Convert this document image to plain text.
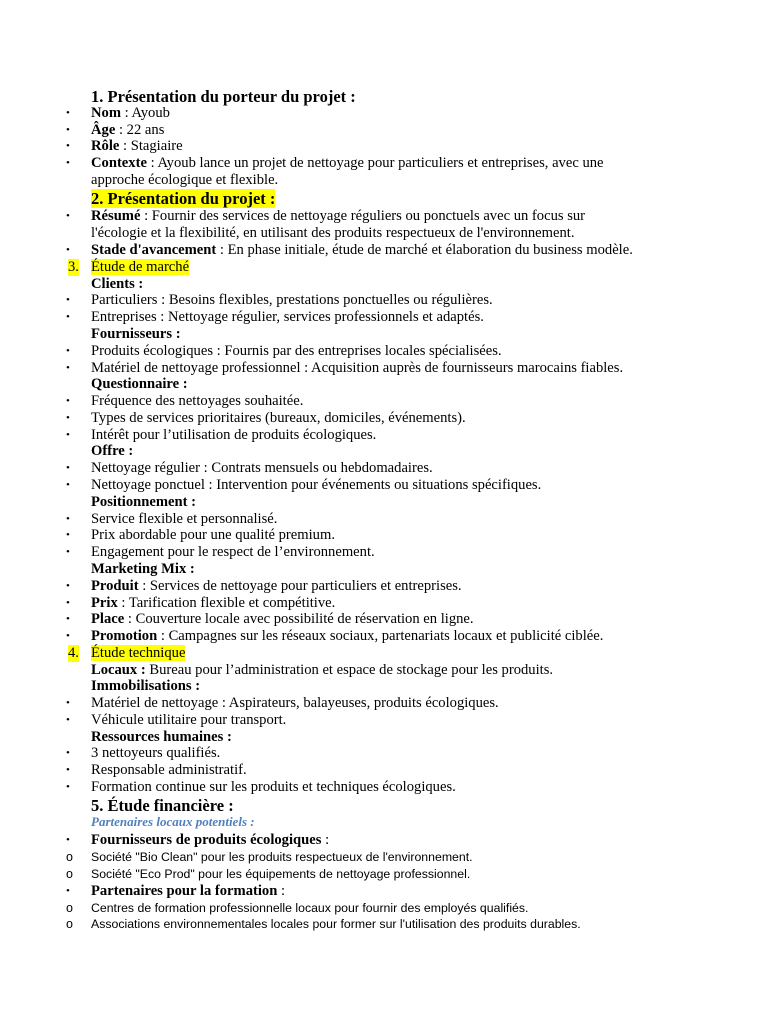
1. Présentation du porteur du projet :
• Nom : Ayoub
• Âge : 22 ans
• Rôle : Stagiaire
• Contexte : Ayoub lance un projet de nettoyage pour particuliers et entreprises, avec une
approche écologique et flexible.
2. Présentation du projet :
• Résumé : Fournir des services de nettoyage réguliers ou ponctuels avec un focus sur
l'écologie et la flexibilité, en utilisant des produits respectueux de l'environnement.
• Stade d'avancement : En phase initiale, étude de marché et élaboration du business modèle.
3. Étude de marché
Clients :
• Particuliers : Besoins flexibles, prestations ponctuelles ou régulières.
• Entreprises : Nettoyage régulier, services professionnels et adaptés.
Fournisseurs :
• Produits écologiques : Fournis par des entreprises locales spécialisées.
• Matériel de nettoyage professionnel : Acquisition auprès de fournisseurs marocains fiables.
Questionnaire :
• Fréquence des nettoyages souhaitée.
• Types de services prioritaires (bureaux, domiciles, événements).
• Intérêt pour l’utilisation de produits écologiques.
Offre :
• Nettoyage régulier : Contrats mensuels ou hebdomadaires.
• Nettoyage ponctuel : Intervention pour événements ou situations spécifiques.
Positionnement :
• Service flexible et personnalisé.
• Prix abordable pour une qualité premium.
• Engagement pour le respect de l’environnement.
Marketing Mix :
• Produit : Services de nettoyage pour particuliers et entreprises.
• Prix : Tarification flexible et compétitive.
• Place : Couverture locale avec possibilité de réservation en ligne.
• Promotion : Campagnes sur les réseaux sociaux, partenariats locaux et publicité ciblée.
4. Étude technique
Locaux : Bureau pour l’administration et espace de stockage pour les produits.
Immobilisations :
• Matériel de nettoyage : Aspirateurs, balayeuses, produits écologiques.
• Véhicule utilitaire pour transport.
Ressources humaines :
• 3 nettoyeurs qualifiés.
• Responsable administratif.
• Formation continue sur les produits et techniques écologiques.
5. Étude financière :
Partenaires locaux potentiels :
• Fournisseurs de produits écologiques :
o Société "Bio Clean" pour les produits respectueux de l'environnement.
o Société "Eco Prod" pour les équipements de nettoyage professionnel.
• Partenaires pour la formation :
o Centres de formation professionnelle locaux pour fournir des employés qualifiés.
o Associations environnementales locales pour former sur l'utilisation des produits durables.
